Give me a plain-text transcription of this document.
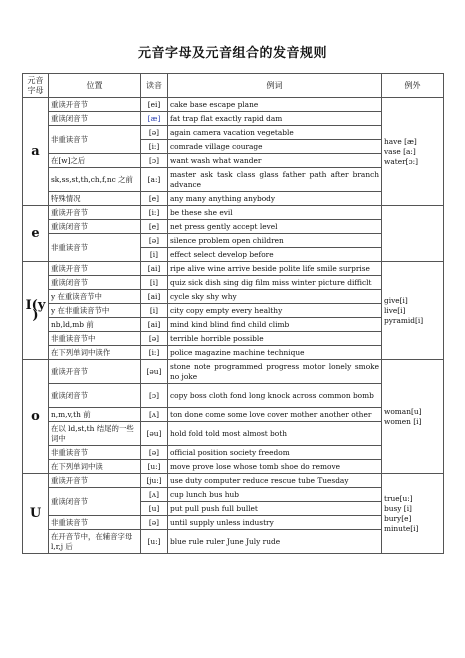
元音字母及元音组合的发音规则
元音
字母	位置	读音	例词	例外
a	重读开音节	[ei]	cake base escape plane	have [æ]
vase [a:]
water[ɔ:]

	重读闭音节	[æ]	fat trap flat exactly rapid dam	
	非重读音节	[ə]	again camera vacation vegetable	
		[i:]	comrade village courage	
	在[w]之后	[ɔ]	want wash what wander	
	sk,ss,st,th,ch,f,nc 之前	[a:]	master ask task class glass father path after branch advance	
	特殊情况	[e]	any many anything anybody	
e	重读开音节	[i:]	be these she evil	
	重读闭音节	[e]	net press gently accept level	
	非重读音节	[ə]	silence problem open children	
		[i]	effect select develop before	
I(y)	重读开音节	[ai]	ripe alive wine arrive beside polite life smile surprise	give[i]
live[i]
pyramid[i]

	重读闭音节	[i]	quiz sick dish sing dig film miss winter picture difficlt	
	y 在重读音节中	[ai]	cycle sky shy why	
	y 在非重读音节中	[i]	city copy empty every healthy	
	nb,ld,mb 前	[ai]	mind kind blind find child climb	
	非重读音节中	[ə]	terrible horrible possible	
	在下列单词中读作	[i:]	police magazine machine technique	
o	重读开音节	[əu]	stone note programmed progress motor lonely smoke no joke	woman[u]
women [i]

	重读闭音节	[ɔ]	copy boss cloth fond long knock across common bomb	
	n,m,v,th 前	[ʌ]	ton done come some love cover mother another other	
	在以 ld,st,th 结尾的一些词中	[əu]	hold fold told most almost both	
	非重读音节	[ə]	official position society freedom	
	在下列单词中读	[u:]	move prove lose whose tomb shoe do remove	
U	重读开音节	[ju:]	use duty computer reduce rescue tube Tuesday	true[u:]
busy [i]
bury[e]
minute[i]

	重读闭音节	[ʌ]	cup lunch bus hub	
		[u]	put pull push full bullet	
	非重读音节	[ə]	until supply unless industry	
	在开音节中，在辅音字母 l,r,j 后	[u:]	blue rule ruler June July rude	
